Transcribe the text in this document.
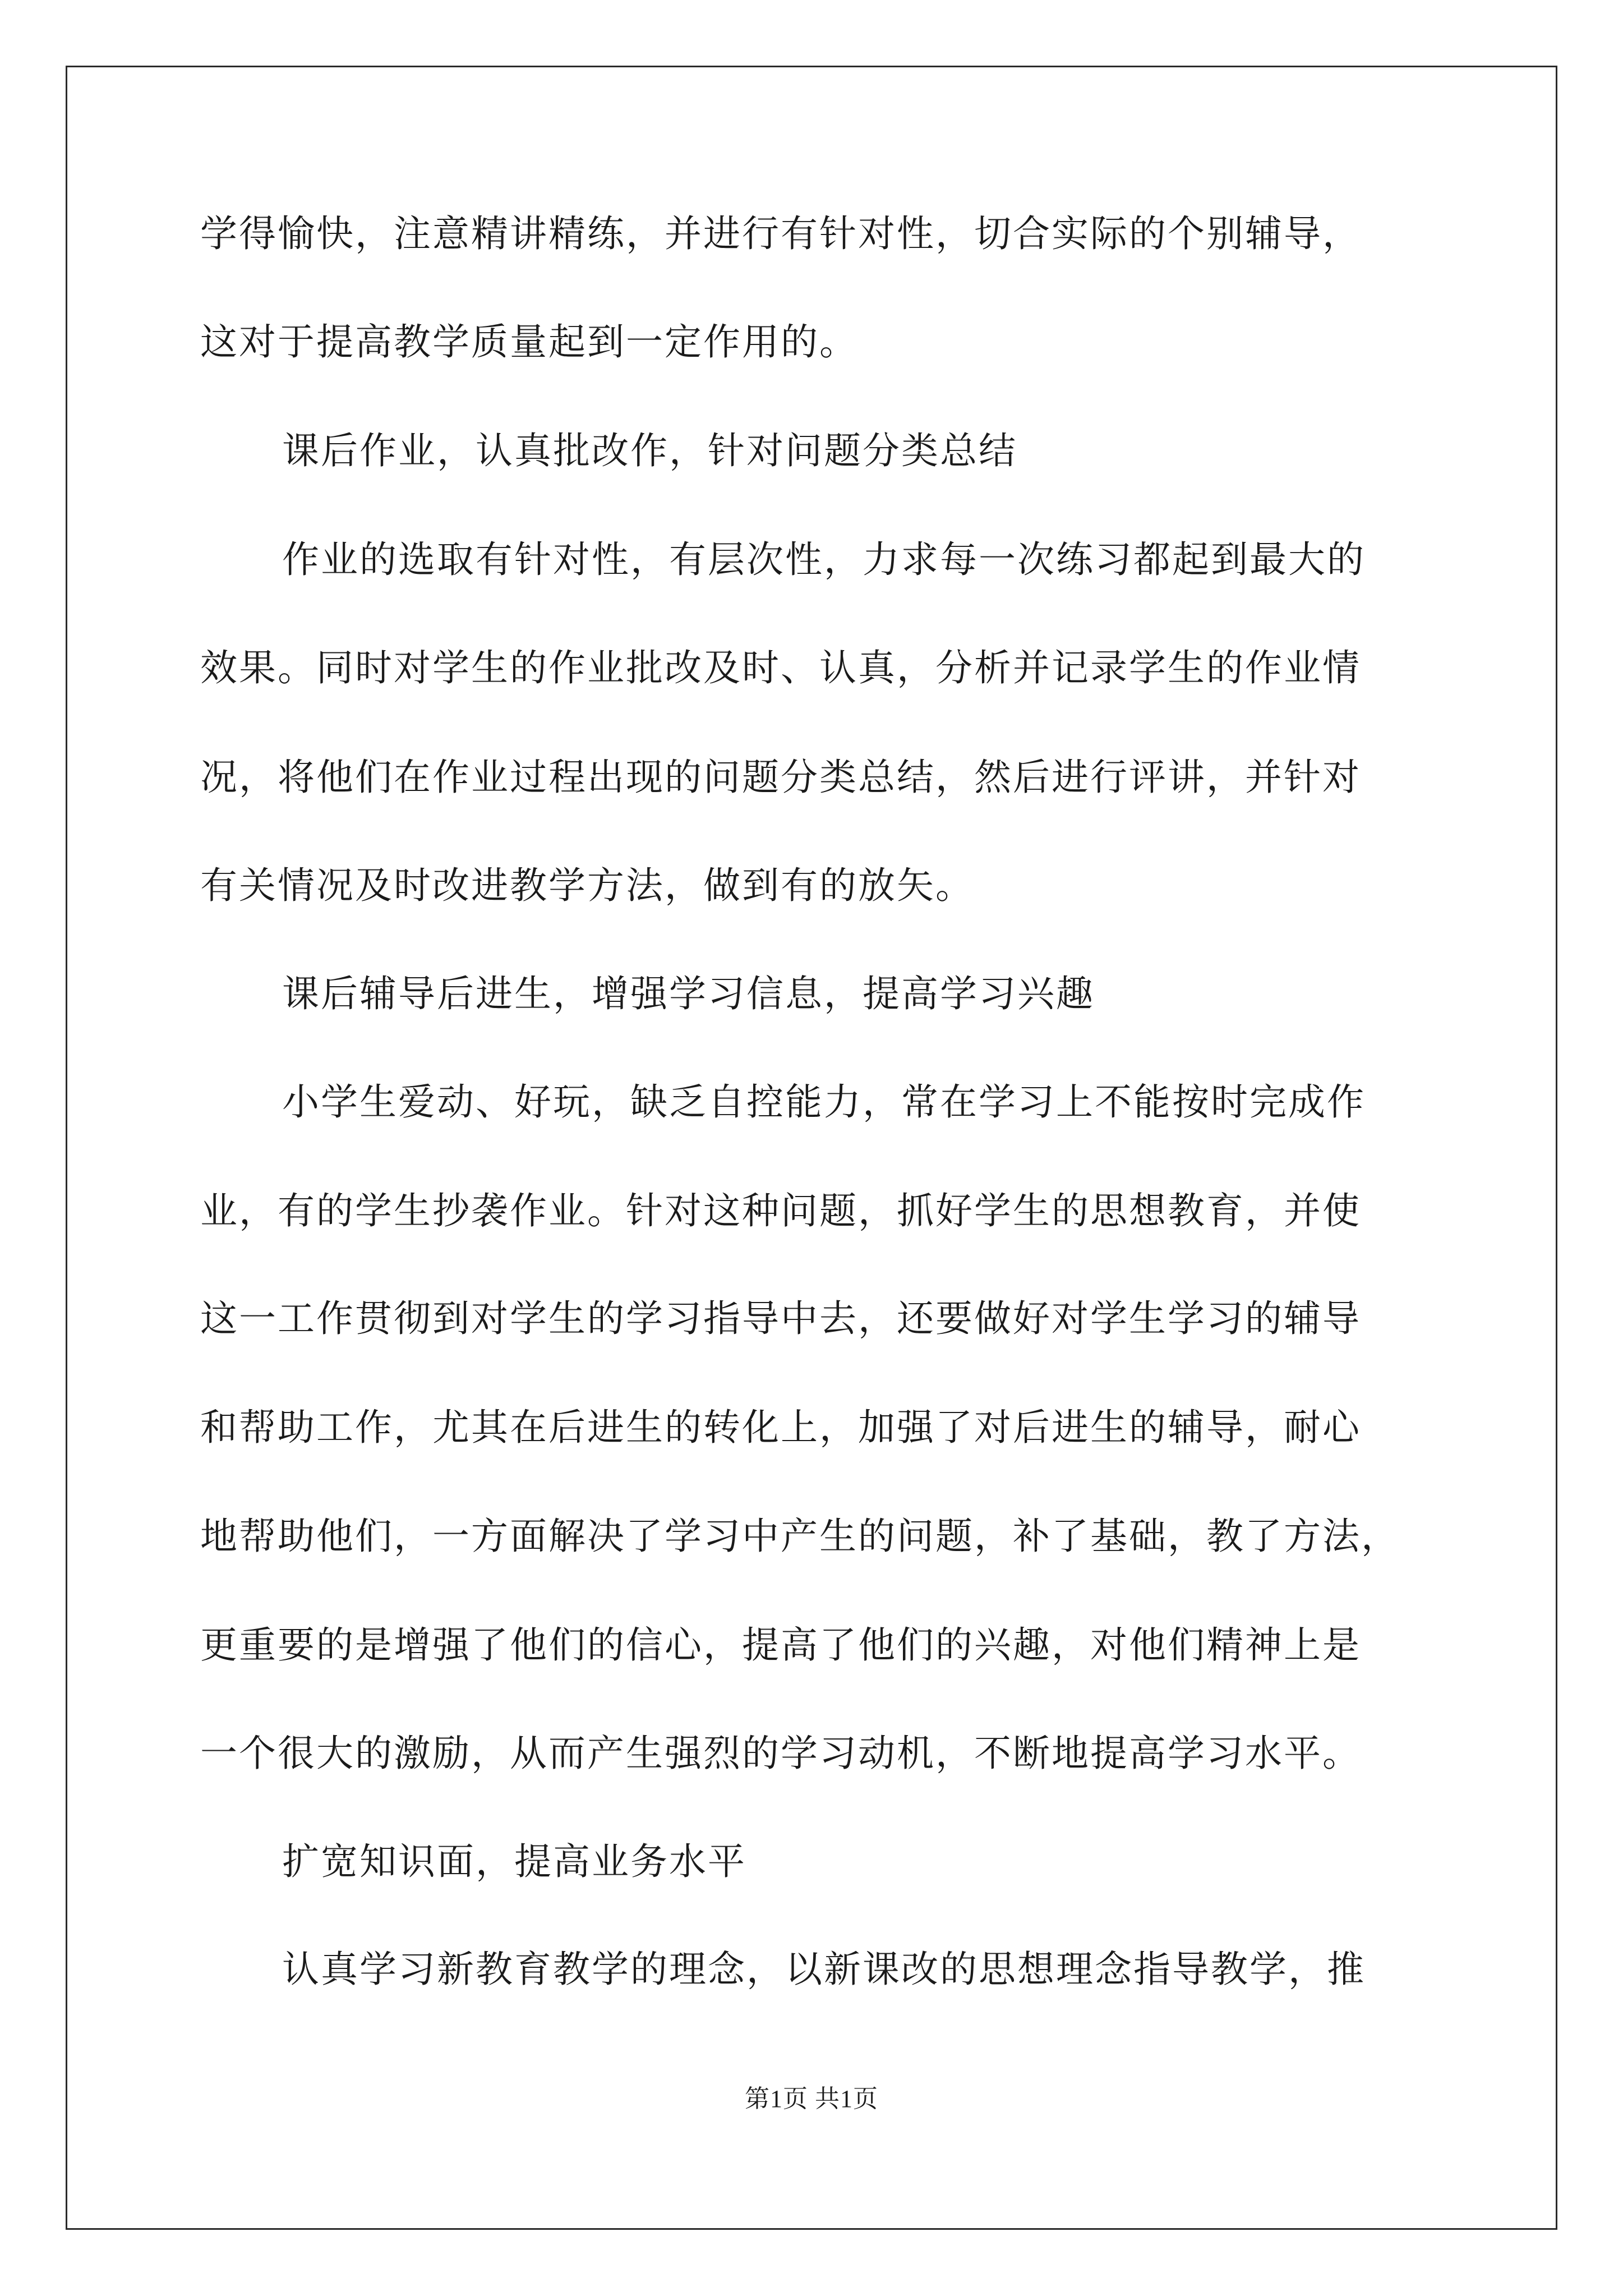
学得愉快，注意精讲精练，并进行有针对性，切合实际的个别辅导，
这对于提高教学质量起到一定作用的。
课后作业，认真批改作，针对问题分类总结
作业的选取有针对性，有层次性，力求每一次练习都起到最大的
效果。同时对学生的作业批改及时、认真，分析并记录学生的作业情
况，将他们在作业过程出现的问题分类总结，然后进行评讲，并针对
有关情况及时改进教学方法，做到有的放矢。
课后辅导后进生，增强学习信息，提高学习兴趣
小学生爱动、好玩，缺乏自控能力，常在学习上不能按时完成作
业，有的学生抄袭作业。针对这种问题，抓好学生的思想教育，并使
这一工作贯彻到对学生的学习指导中去，还要做好对学生学习的辅导
和帮助工作，尤其在后进生的转化上，加强了对后进生的辅导，耐心
地帮助他们，一方面解决了学习中产生的问题，补了基础，教了方法，
更重要的是增强了他们的信心，提高了他们的兴趣，对他们精神上是
一个很大的激励，从而产生强烈的学习动机，不断地提高学习水平。
扩宽知识面，提高业务水平
认真学习新教育教学的理念，以新课改的思想理念指导教学，推
第1页 共1页
